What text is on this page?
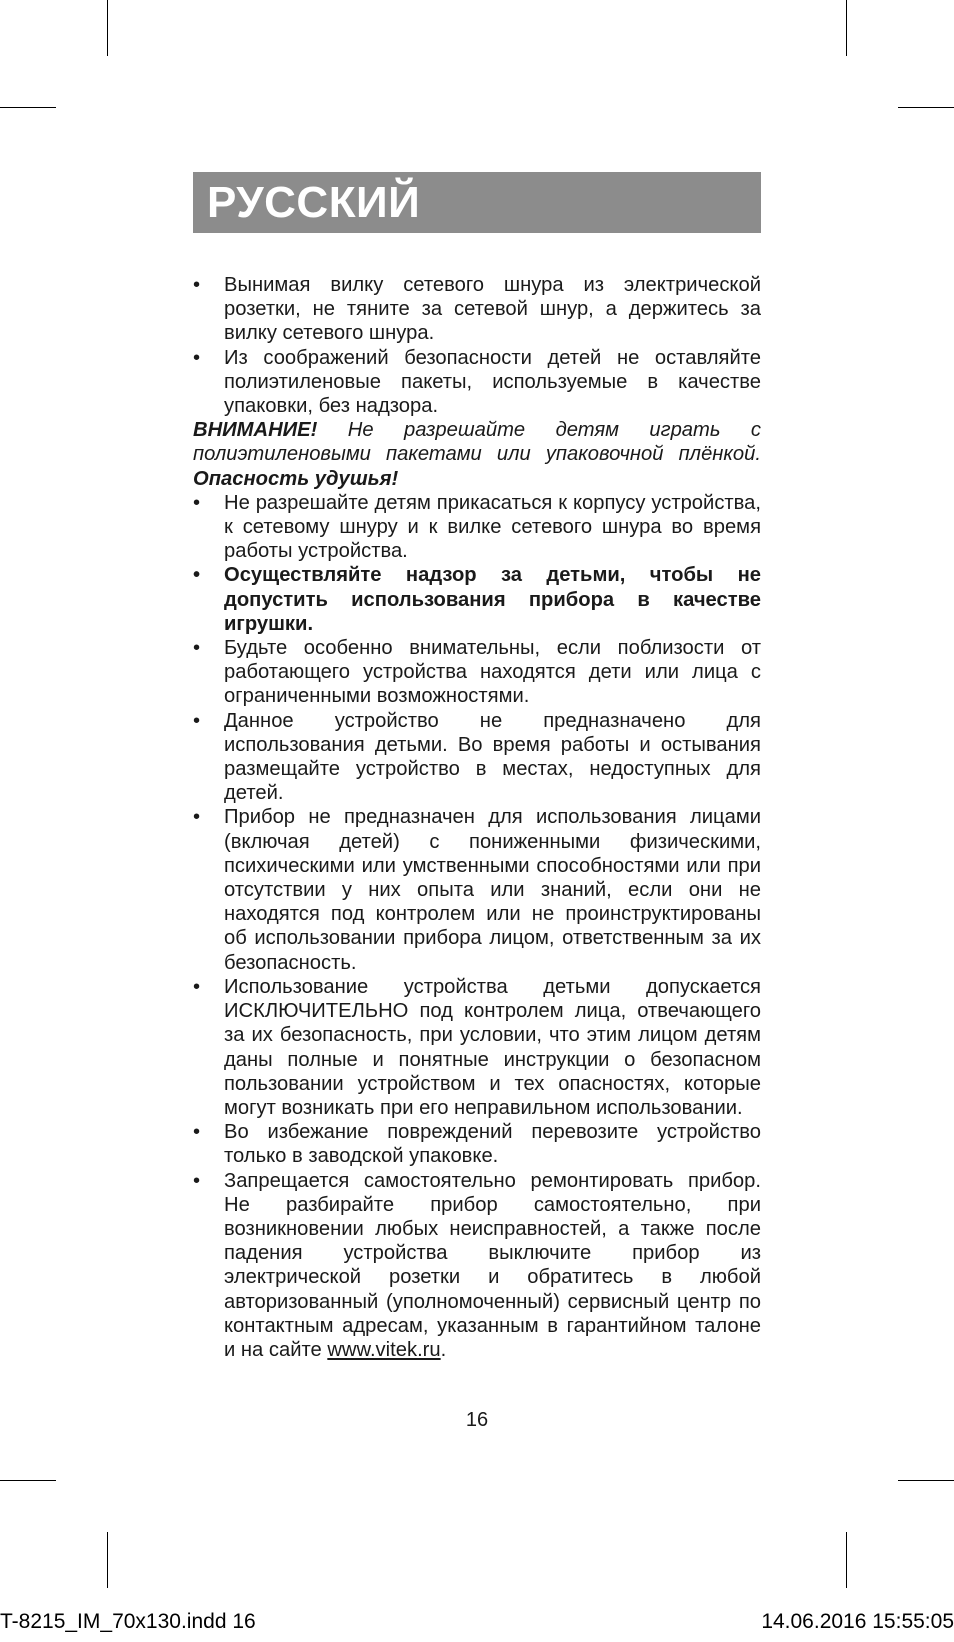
РУССКИЙ
• Вынимая вилку сетевого шнура из электрической розетки, не тяните за сетевой шнур, а держитесь за вилку сетевого шнура.
• Из соображений безопасности детей не оставляйте полиэтиленовые пакеты, используемые в качестве упаковки, без надзора.
ВНИМАНИЕ! Не разрешайте детям играть с полиэтиленовыми пакетами или упаковочной плёнкой. Опасность удушья!
• Не разрешайте детям прикасаться к корпусу устройства, к сетевому шнуру и к вилке сетевого шнура во время работы устройства.
• Осуществляйте надзор за детьми, чтобы не допустить использования прибора в качестве игрушки.
• Будьте особенно внимательны, если поблизости от работающего устройства находятся дети или лица с ограниченными возможностями.
• Данное устройство не предназначено для использования детьми. Во время работы и остывания размещайте устройство в местах, недоступных для детей.
• Прибор не предназначен для использования лицами (включая детей) с пониженными физическими, психическими или умственными способностями или при отсутствии у них опыта или знаний, если они не находятся под контролем или не проинструктированы об использовании прибора лицом, ответственным за их безопасность.
• Использование устройства детьми допускается ИСКЛЮЧИТЕЛЬНО под контролем лица, отвечающего за их безопасность, при условии, что этим лицом детям даны полные и понятные инструкции о безопасном пользовании устройством и тех опасностях, которые могут возникать при его неправильном использовании.
• Во избежание повреждений перевозите устройство только в заводской упаковке.
• Запрещается самостоятельно ремонтировать прибор. Не разбирайте прибор самостоятельно, при возникновении любых неисправностей, а также после падения устройства выключите прибор из электрической розетки и обратитесь в любой авторизованный (уполномоченный) сервисный центр по контактным адресам, указанным в гарантийном талоне и на сайте www.vitek.ru.
16
T-8215_IM_70x130.indd 16	14.06.2016 15:55:05
